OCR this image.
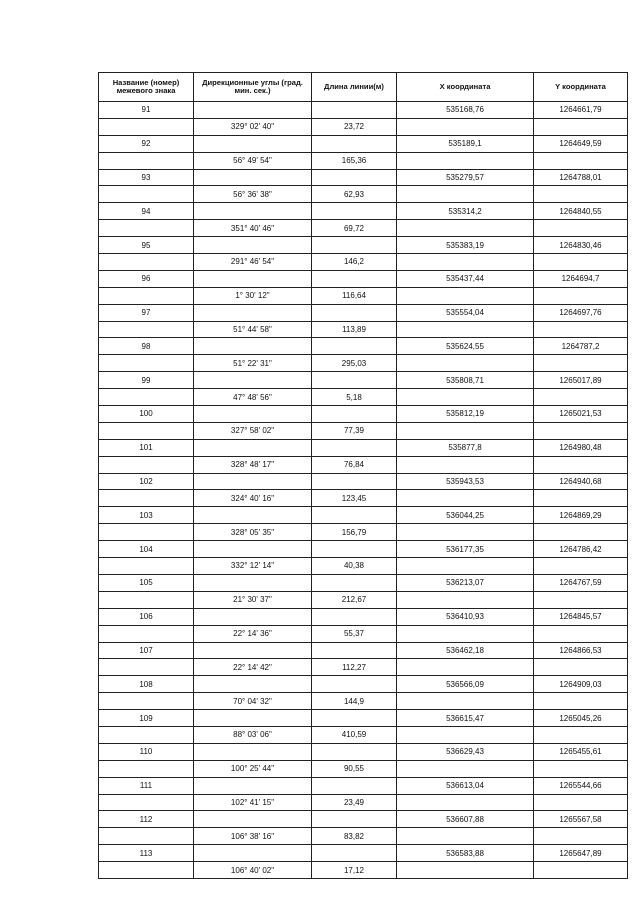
Название (номер) межевого знака	Дирекционные углы (град. мин. сек.)	Длина линии(м)	X координата	Y координата
91			535168,76	1264661,79
	329° 02' 40"	23,72		
92			535189,1	1264649,59
	56° 49' 54"	165,36		
93			535279,57	1264788,01
	56° 36' 38"	62,93		
94			535314,2	1264840,55
	351° 40' 46"	69,72		
95			535383,19	1264830,46
	291° 46' 54"	146,2		
96			535437,44	1264694,7
	1° 30' 12"	116,64		
97			535554,04	1264697,76
	51° 44' 58"	113,89		
98			535624,55	1264787,2
	51° 22' 31"	295,03		
99			535808,71	1265017,89
	47° 48' 56"	5,18		
100			535812,19	1265021,53
	327° 58' 02"	77,39		
101			535877,8	1264980,48
	328° 48' 17"	76,84		
102			535943,53	1264940,68
	324° 40' 16"	123,45		
103			536044,25	1264869,29
	328° 05' 35"	156,79		
104			536177,35	1264786,42
	332° 12' 14"	40,38		
105			536213,07	1264767,59
	21° 30' 37"	212,67		
106			536410,93	1264845,57
	22° 14' 36"	55,37		
107			536462,18	1264866,53
	22° 14' 42"	112,27		
108			536566,09	1264909,03
	70° 04' 32"	144,9		
109			536615,47	1265045,26
	88° 03' 06"	410,59		
110			536629,43	1265455,61
	100° 25' 44"	90,55		
111			536613,04	1265544,66
	102° 41' 15"	23,49		
112			536607,88	1265567,58
	106° 38' 16"	83,82		
113			536583,88	1265647,89
	106° 40' 02"	17,12		
